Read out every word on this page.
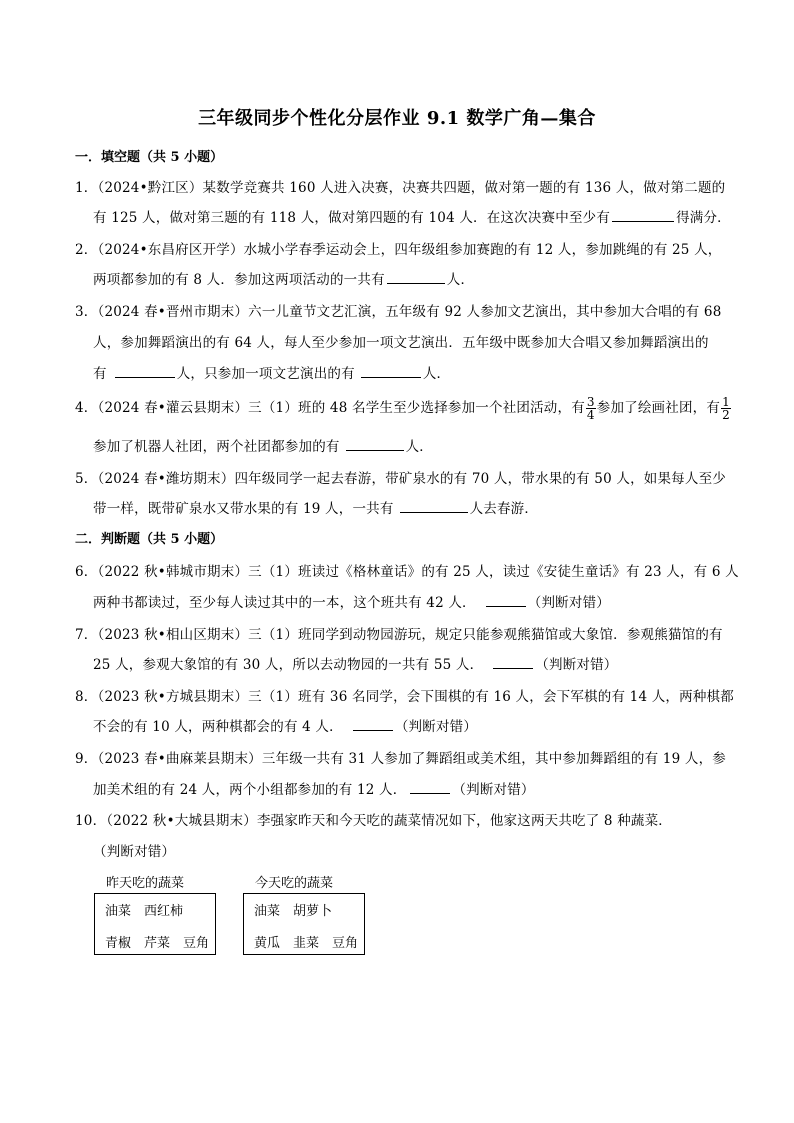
三年级同步个性化分层作业 9.1 数学广角—集合
一．填空题（共 5 小题）
1．（2024•黔江区）某数学竞赛共 160 人进入决赛，决赛共四题，做对第一题的有 136 人，做对第二题的
有 125 人，做对第三题的有 118 人，做对第四题的有 104 人．在这次决赛中至少有	得满分．
2．（2024•东昌府区开学）水城小学春季运动会上，四年级组参加赛跑的有 12 人，参加跳绳的有 25 人，
两项都参加的有 8 人．参加这两项活动的一共有	人．
3．（2024 春•晋州市期末）六一儿童节文艺汇演，五年级有 92 人参加文艺演出，其中参加大合唱的有 68
人，参加舞蹈演出的有 64 人，每人至少参加一项文艺演出．五年级中既参加大合唱又参加舞蹈演出的
有	人，只参加一项文艺演出的有	人．
4．（2024 春•灌云县期末）三（1）班的 48 名学生至少选择参加一个社团活动，有 $\frac{3}{4}$ 参加了绘画社团，有 $\frac{1}{2}$
参加了机器人社团，两个社团都参加的有	人．
5．（2024 春•潍坊期末）四年级同学一起去春游，带矿泉水的有 70 人，带水果的有 50 人，如果每人至少
带一样，既带矿泉水又带水果的有 19 人，一共有	人去春游．
二．判断题（共 5 小题）
6．（2022 秋•韩城市期末）三（1）班读过《格林童话》的有 25 人，读过《安徒生童话》有 23 人，有 6 人
两种书都读过，至少每人读过其中的一本，这个班共有 42 人．	（判断对错）
7．（2023 秋•相山区期末）三（1）班同学到动物园游玩，规定只能参观熊猫馆或大象馆．参观熊猫馆的有
25 人，参观大象馆的有 30 人，所以去动物园的一共有 55 人．	（判断对错）
8．（2023 秋•方城县期末）三（1）班有 36 名同学，会下围棋的有 16 人，会下军棋的有 14 人，两种棋都
不会的有 10 人，两种棋都会的有 4 人．	（判断对错）
9．（2023 春•曲麻莱县期末）三年级一共有 31 人参加了舞蹈组或美术组，其中参加舞蹈组的有 19 人，参
加美术组的有 24 人，两个小组都参加的有 12 人．	（判断对错）
10．（2022 秋•大城县期末）李强家昨天和今天吃的蔬菜情况如下，他家这两天共吃了 8 种蔬菜．
（判断对错）
昨天吃的蔬菜
油菜　西红柿
青椒　芹菜　豆角
今天吃的蔬菜
油菜　胡萝卜
黄瓜　韭菜　豆角
